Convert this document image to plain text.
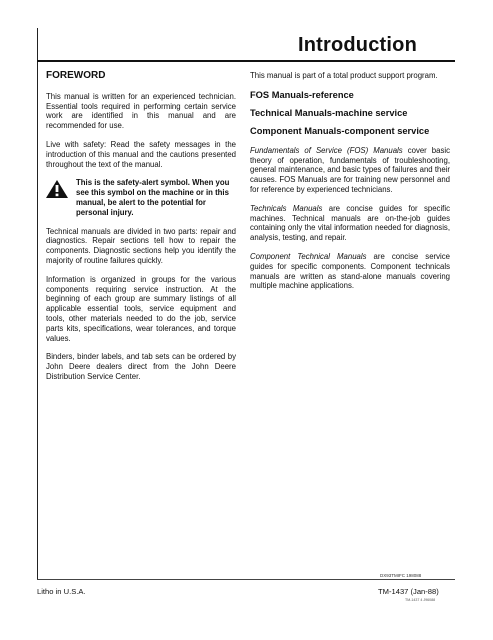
Introduction
FOREWORD

This manual is written for an experienced technician. Essential tools required in performing certain service work are identified in this manual and are recommended for use.

Live with safety: Read the safety messages in the introduction of this manual and the cautions presented throughout the text of the manual.

This is the safety-alert symbol. When you see this symbol on the machine or in this manual, be alert to the potential for personal injury.

Technical manuals are divided in two parts: repair and diagnostics. Repair sections tell how to repair the components. Diagnostic sections help you identify the majority of routine failures quickly.

Information is organized in groups for the various components requiring service instruction. At the beginning of each group are summary listings of all applicable essential tools, service equipment and tools, other materials needed to do the job, service parts kits, specifications, wear tolerances, and torque values.

Binders, binder labels, and tab sets can be ordered by John Deere dealers direct from the John Deere Distribution Service Center.

This manual is part of a total product support program.

FOS Manuals-reference
Technical Manuals-machine service
Component Manuals-component service

Fundamentals of Service (FOS) Manuals cover basic theory of operation, fundamentals of troubleshooting, general maintenance, and basic types of failures and their causes. FOS Manuals are for training new personnel and for reference by experienced technicians.

Technicals Manuals are concise guides for specific machines. Technical manuals are on-the-job guides containing only the vital information needed for diagnosis, analysis, testing, and repair.

Component Technical Manuals are concise service guides for specific components. Component technicals manuals are written as stand-alone manuals covering multiple machine applications.

DX93TMIFC 198088
Litho in U.S.A.	TM-1437 (Jan-88)
TM-1437 4 J96088
